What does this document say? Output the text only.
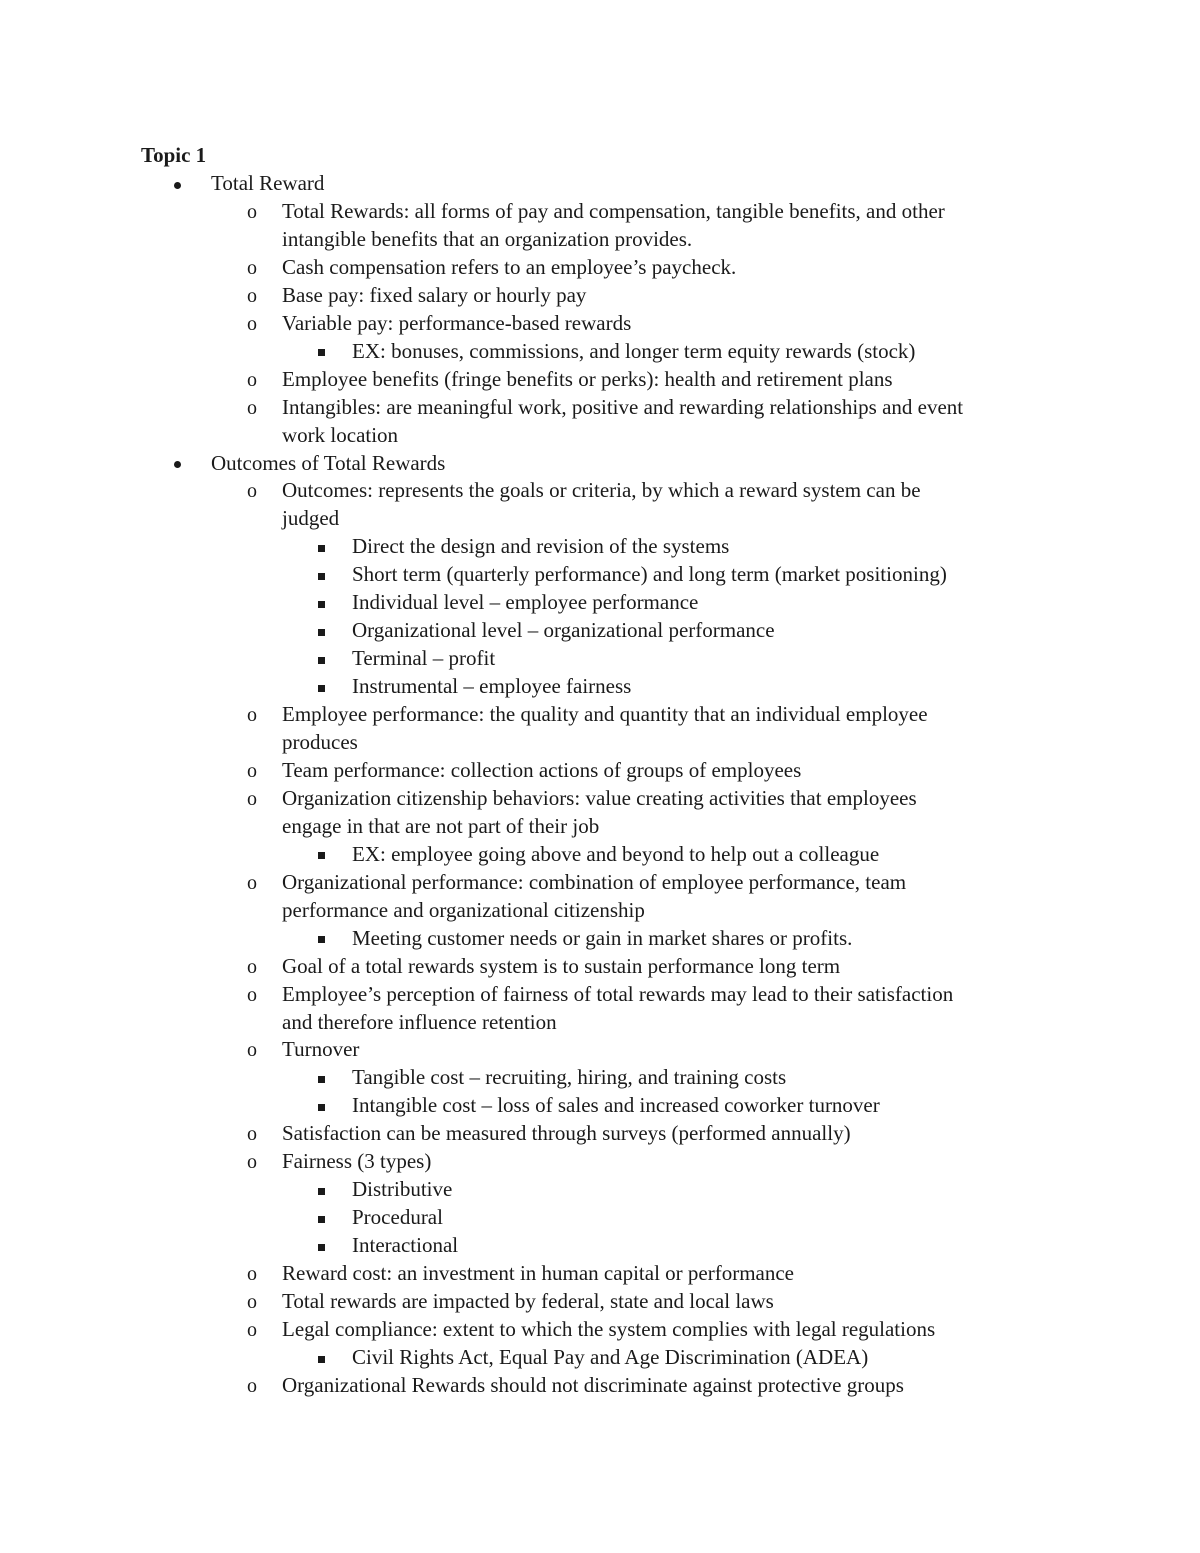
Topic 1
Total Reward
o Total Rewards: all forms of pay and compensation, tangible benefits, and other
intangible benefits that an organization provides.
o Cash compensation refers to an employee’s paycheck.
o Base pay: fixed salary or hourly pay
o Variable pay: performance-based rewards
EX: bonuses, commissions, and longer term equity rewards (stock)
o Employee benefits (fringe benefits or perks): health and retirement plans
o Intangibles: are meaningful work, positive and rewarding relationships and event
work location
Outcomes of Total Rewards
o Outcomes: represents the goals or criteria, by which a reward system can be
judged
Direct the design and revision of the systems
Short term (quarterly performance) and long term (market positioning)
Individual level – employee performance
Organizational level – organizational performance
Terminal – profit
Instrumental – employee fairness
o Employee performance: the quality and quantity that an individual employee
produces
o Team performance: collection actions of groups of employees
o Organization citizenship behaviors: value creating activities that employees
engage in that are not part of their job
EX: employee going above and beyond to help out a colleague
o Organizational performance: combination of employee performance, team
performance and organizational citizenship
Meeting customer needs or gain in market shares or profits.
o Goal of a total rewards system is to sustain performance long term
o Employee’s perception of fairness of total rewards may lead to their satisfaction
and therefore influence retention
o Turnover
Tangible cost – recruiting, hiring, and training costs
Intangible cost – loss of sales and increased coworker turnover
o Satisfaction can be measured through surveys (performed annually)
o Fairness (3 types)
Distributive
Procedural
Interactional
o Reward cost: an investment in human capital or performance
o Total rewards are impacted by federal, state and local laws
o Legal compliance: extent to which the system complies with legal regulations
Civil Rights Act, Equal Pay and Age Discrimination (ADEA)
o Organizational Rewards should not discriminate against protective groups
